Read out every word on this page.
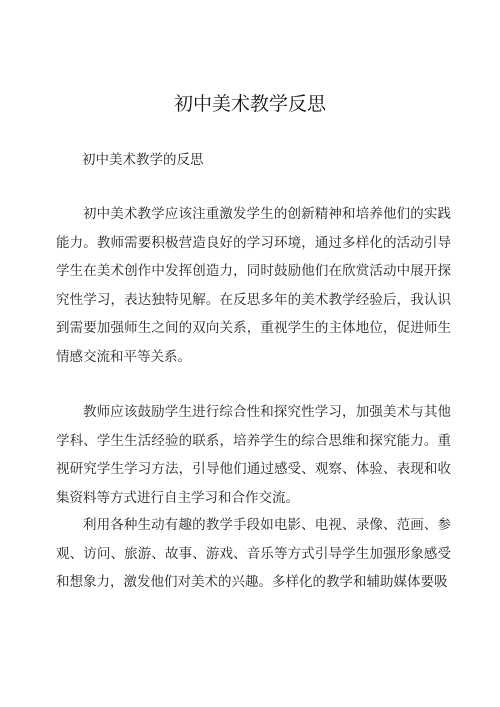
初中美术教学反思

初中美术教学的反思

初中美术教学应该注重激发学生的创新精神和培养他们的实践能力。教师需要积极营造良好的学习环境，通过多样化的活动引导学生在美术创作中发挥创造力，同时鼓励他们在欣赏活动中展开探究性学习，表达独特见解。在反思多年的美术教学经验后，我认识到需要加强师生之间的双向关系，重视学生的主体地位，促进师生情感交流和平等关系。

教师应该鼓励学生进行综合性和探究性学习，加强美术与其他学科、学生生活经验的联系，培养学生的综合思维和探究能力。重视研究学生学习方法，引导他们通过感受、观察、体验、表现和收集资料等方式进行自主学习和合作交流。

利用各种生动有趣的教学手段如电影、电视、录像、范画、参观、访问、旅游、故事、游戏、音乐等方式引导学生加强形象感受和想象力，激发他们对美术的兴趣。多样化的教学和辅助媒体要吸
